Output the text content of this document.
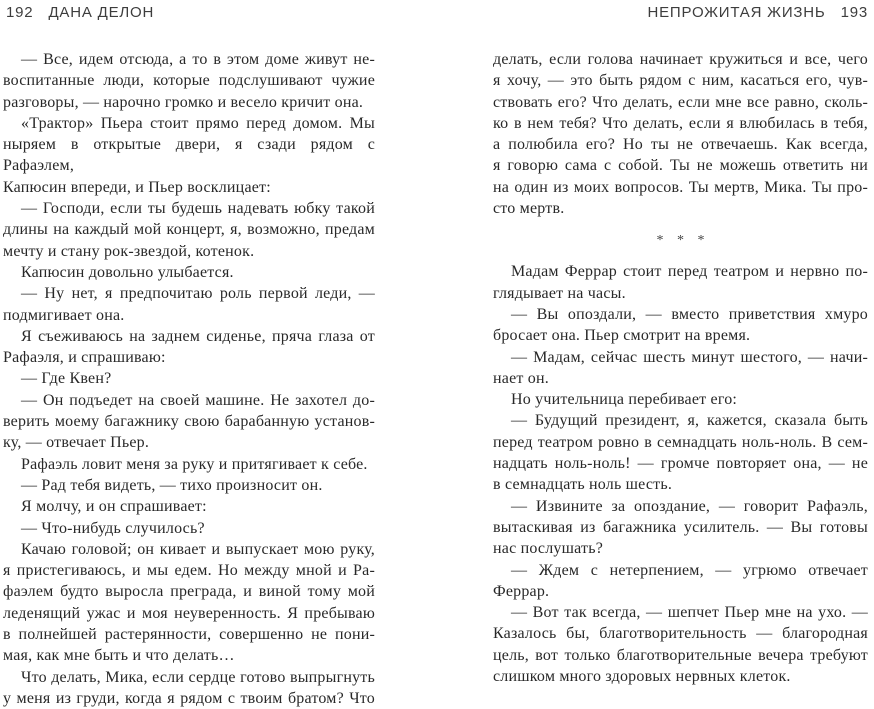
192 ДАНА ДЕЛОН	НЕПРОЖИТАЯ ЖИЗНЬ 193
— Все, идем отсюда, а то в этом доме живут не-
воспитанные люди, которые подслушивают чужие
разговоры, — нарочно громко и весело кричит она.
«Трактор» Пьера стоит прямо перед домом. Мы
ныряем в открытые двери, я сзади рядом с Рафаэлем,
Капюсин впереди, и Пьер восклицает:
— Господи, если ты будешь надевать юбку такой
длины на каждый мой концерт, я, возможно, предам
мечту и стану рок-звездой, котенок.
Капюсин довольно улыбается.
— Ну нет, я предпочитаю роль первой леди, —
подмигивает она.
Я съеживаюсь на заднем сиденье, пряча глаза от
Рафаэля, и спрашиваю:
— Где Квен?
— Он подъедет на своей машине. Не захотел до-
верить моему багажнику свою барабанную установ-
ку, — отвечает Пьер.
Рафаэль ловит меня за руку и притягивает к себе.
— Рад тебя видеть, — тихо произносит он.
Я молчу, и он спрашивает:
— Что-нибудь случилось?
Качаю головой; он кивает и выпускает мою руку,
я пристегиваюсь, и мы едем. Но между мной и Ра-
фаэлем будто выросла преграда, и виной тому мой
леденящий ужас и моя неуверенность. Я пребываю
в полнейшей растерянности, совершенно не пони-
мая, как мне быть и что делать…
Что делать, Мика, если сердце готово выпрыгнуть
у меня из груди, когда я рядом с твоим братом? Что
делать, если голова начинает кружиться и все, чего
я хочу, — это быть рядом с ним, касаться его, чув-
ствовать его? Что делать, если мне все равно, сколь-
ко в нем тебя? Что делать, если я влюбилась в тебя,
а полюбила его? Но ты не отвечаешь. Как всегда,
я говорю сама с собой. Ты не можешь ответить ни
на один из моих вопросов. Ты мертв, Мика. Ты про-
сто мертв.
* * *
Мадам Феррар стоит перед театром и нервно по-
глядывает на часы.
— Вы опоздали, — вместо приветствия хмуро
бросает она. Пьер смотрит на время.
— Мадам, сейчас шесть минут шестого, — начи-
нает он.
Но учительница перебивает его:
— Будущий президент, я, кажется, сказала быть
перед театром ровно в семнадцать ноль-ноль. В сем-
надцать ноль-ноль! — громче повторяет она, — не
в семнадцать ноль шесть.
— Извините за опоздание, — говорит Рафаэль,
вытаскивая из багажника усилитель. — Вы готовы
нас послушать?
— Ждем с нетерпением, — угрюмо отвечает
Феррар.
— Вот так всегда, — шепчет Пьер мне на ухо. —
Казалось бы, благотворительность — благородная
цель, вот только благотворительные вечера требуют
слишком много здоровых нервных клеток.
